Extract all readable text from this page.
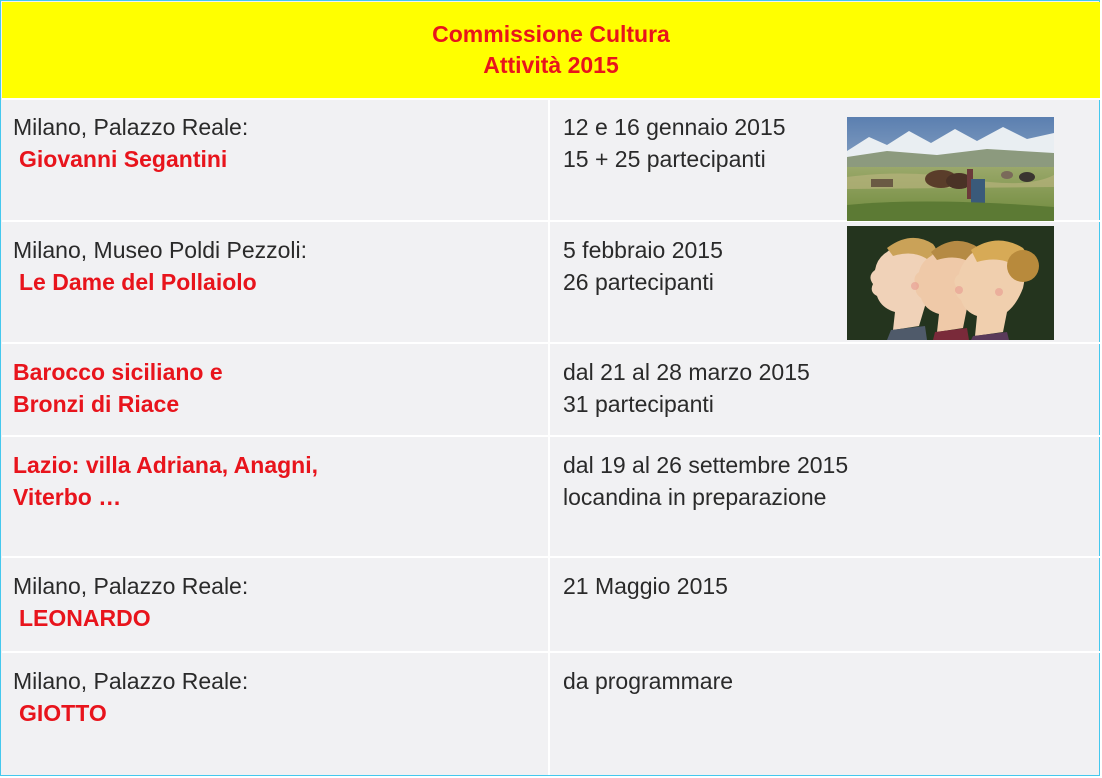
Commissione Cultura
Attività 2015
Milano, Palazzo Reale:
Giovanni Segantini
12 e 16 gennaio 2015
15 + 25 partecipanti
Milano, Museo Poldi Pezzoli:
Le Dame del Pollaiolo
5 febbraio 2015
26 partecipanti
Barocco siciliano e
Bronzi di Riace
dal 21 al 28 marzo 2015
31 partecipanti
Lazio: villa Adriana, Anagni,
Viterbo …
dal 19 al 26 settembre 2015
locandina in preparazione
Milano, Palazzo Reale:
LEONARDO
21 Maggio 2015
Milano, Palazzo Reale:
GIOTTO
da programmare
